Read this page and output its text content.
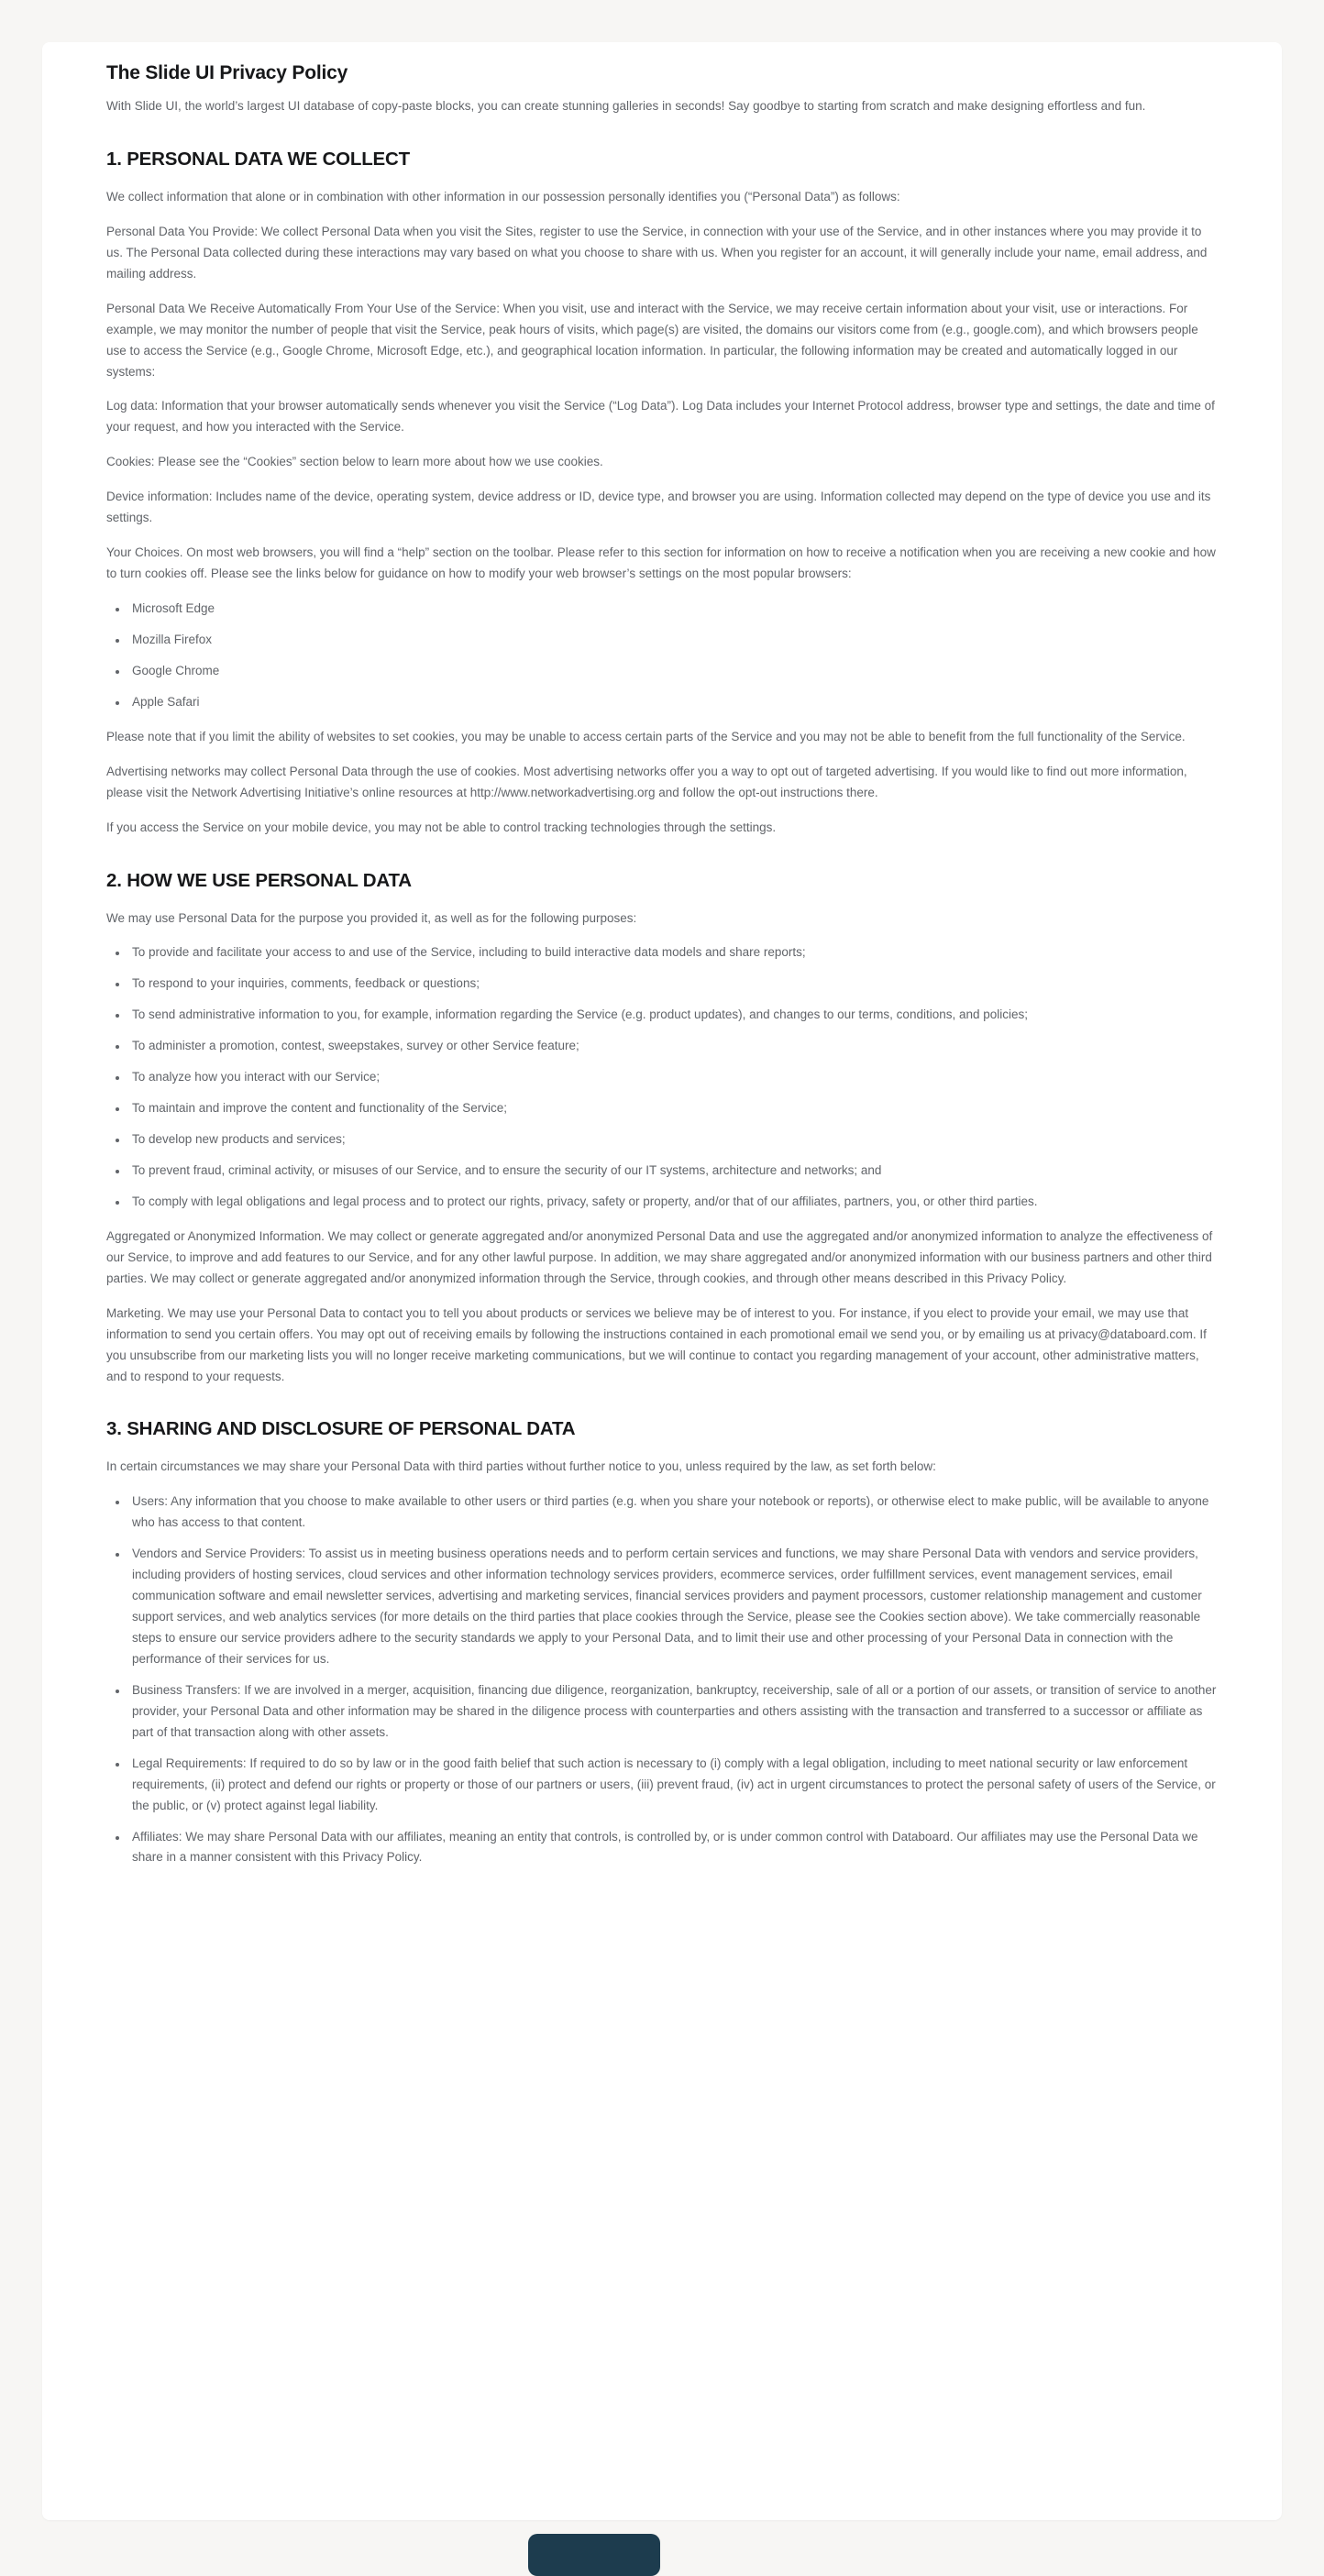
The Slide UI Privacy Policy

With Slide UI, the world’s largest UI database of copy-paste blocks, you can create stunning galleries in seconds! Say goodbye to starting from scratch and make designing effortless and fun.

1. PERSONAL DATA WE COLLECT

We collect information that alone or in combination with other information in our possession personally identifies you (“Personal Data”) as follows:

Personal Data You Provide: We collect Personal Data when you visit the Sites, register to use the Service, in connection with your use of the Service, and in other instances where you may provide it to us. The Personal Data collected during these interactions may vary based on what you choose to share with us. When you register for an account, it will generally include your name, email address, and mailing address.

Personal Data We Receive Automatically From Your Use of the Service: When you visit, use and interact with the Service, we may receive certain information about your visit, use or interactions. For example, we may monitor the number of people that visit the Service, peak hours of visits, which page(s) are visited, the domains our visitors come from (e.g., google.com), and which browsers people use to access the Service (e.g., Google Chrome, Microsoft Edge, etc.), and geographical location information. In particular, the following information may be created and automatically logged in our systems:

Log data: Information that your browser automatically sends whenever you visit the Service (“Log Data”). Log Data includes your Internet Protocol address, browser type and settings, the date and time of your request, and how you interacted with the Service.

Cookies: Please see the “Cookies” section below to learn more about how we use cookies.

Device information: Includes name of the device, operating system, device address or ID, device type, and browser you are using. Information collected may depend on the type of device you use and its settings.

Your Choices. On most web browsers, you will find a “help” section on the toolbar. Please refer to this section for information on how to receive a notification when you are receiving a new cookie and how to turn cookies off. Please see the links below for guidance on how to modify your web browser’s settings on the most popular browsers:

• Microsoft Edge
• Mozilla Firefox
• Google Chrome
• Apple Safari

Please note that if you limit the ability of websites to set cookies, you may be unable to access certain parts of the Service and you may not be able to benefit from the full functionality of the Service.

Advertising networks may collect Personal Data through the use of cookies. Most advertising networks offer you a way to opt out of targeted advertising. If you would like to find out more information, please visit the Network Advertising Initiative’s online resources at http://www.networkadvertising.org and follow the opt-out instructions there.

If you access the Service on your mobile device, you may not be able to control tracking technologies through the settings.

2. HOW WE USE PERSONAL DATA

We may use Personal Data for the purpose you provided it, as well as for the following purposes:

• To provide and facilitate your access to and use of the Service, including to build interactive data models and share reports;
• To respond to your inquiries, comments, feedback or questions;
• To send administrative information to you, for example, information regarding the Service (e.g. product updates), and changes to our terms, conditions, and policies;
• To administer a promotion, contest, sweepstakes, survey or other Service feature;
• To analyze how you interact with our Service;
• To maintain and improve the content and functionality of the Service;
• To develop new products and services;
• To prevent fraud, criminal activity, or misuses of our Service, and to ensure the security of our IT systems, architecture and networks; and
• To comply with legal obligations and legal process and to protect our rights, privacy, safety or property, and/or that of our affiliates, partners, you, or other third parties.

Aggregated or Anonymized Information. We may collect or generate aggregated and/or anonymized Personal Data and use the aggregated and/or anonymized information to analyze the effectiveness of our Service, to improve and add features to our Service, and for any other lawful purpose. In addition, we may share aggregated and/or anonymized information with our business partners and other third parties. We may collect or generate aggregated and/or anonymized information through the Service, through cookies, and through other means described in this Privacy Policy.

Marketing. We may use your Personal Data to contact you to tell you about products or services we believe may be of interest to you. For instance, if you elect to provide your email, we may use that information to send you certain offers. You may opt out of receiving emails by following the instructions contained in each promotional email we send you, or by emailing us at privacy@databoard.com. If you unsubscribe from our marketing lists you will no longer receive marketing communications, but we will continue to contact you regarding management of your account, other administrative matters, and to respond to your requests.

3. SHARING AND DISCLOSURE OF PERSONAL DATA

In certain circumstances we may share your Personal Data with third parties without further notice to you, unless required by the law, as set forth below:

• Users: Any information that you choose to make available to other users or third parties (e.g. when you share your notebook or reports), or otherwise elect to make public, will be available to anyone who has access to that content.
• Vendors and Service Providers: To assist us in meeting business operations needs and to perform certain services and functions, we may share Personal Data with vendors and service providers, including providers of hosting services, cloud services and other information technology services providers, ecommerce services, order fulfillment services, event management services, email communication software and email newsletter services, advertising and marketing services, financial services providers and payment processors, customer relationship management and customer support services, and web analytics services (for more details on the third parties that place cookies through the Service, please see the Cookies section above). We take commercially reasonable steps to ensure our service providers adhere to the security standards we apply to your Personal Data, and to limit their use and other processing of your Personal Data in connection with the performance of their services for us.
• Business Transfers: If we are involved in a merger, acquisition, financing due diligence, reorganization, bankruptcy, receivership, sale of all or a portion of our assets, or transition of service to another provider, your Personal Data and other information may be shared in the diligence process with counterparties and others assisting with the transaction and transferred to a successor or affiliate as part of that transaction along with other assets.
• Legal Requirements: If required to do so by law or in the good faith belief that such action is necessary to (i) comply with a legal obligation, including to meet national security or law enforcement requirements, (ii) protect and defend our rights or property or those of our partners or users, (iii) prevent fraud, (iv) act in urgent circumstances to protect the personal safety of users of the Service, or the public, or (v) protect against legal liability.
• Affiliates: We may share Personal Data with our affiliates, meaning an entity that controls, is controlled by, or is under common control with Databoard. Our affiliates may use the Personal Data we share in a manner consistent with this Privacy Policy.
